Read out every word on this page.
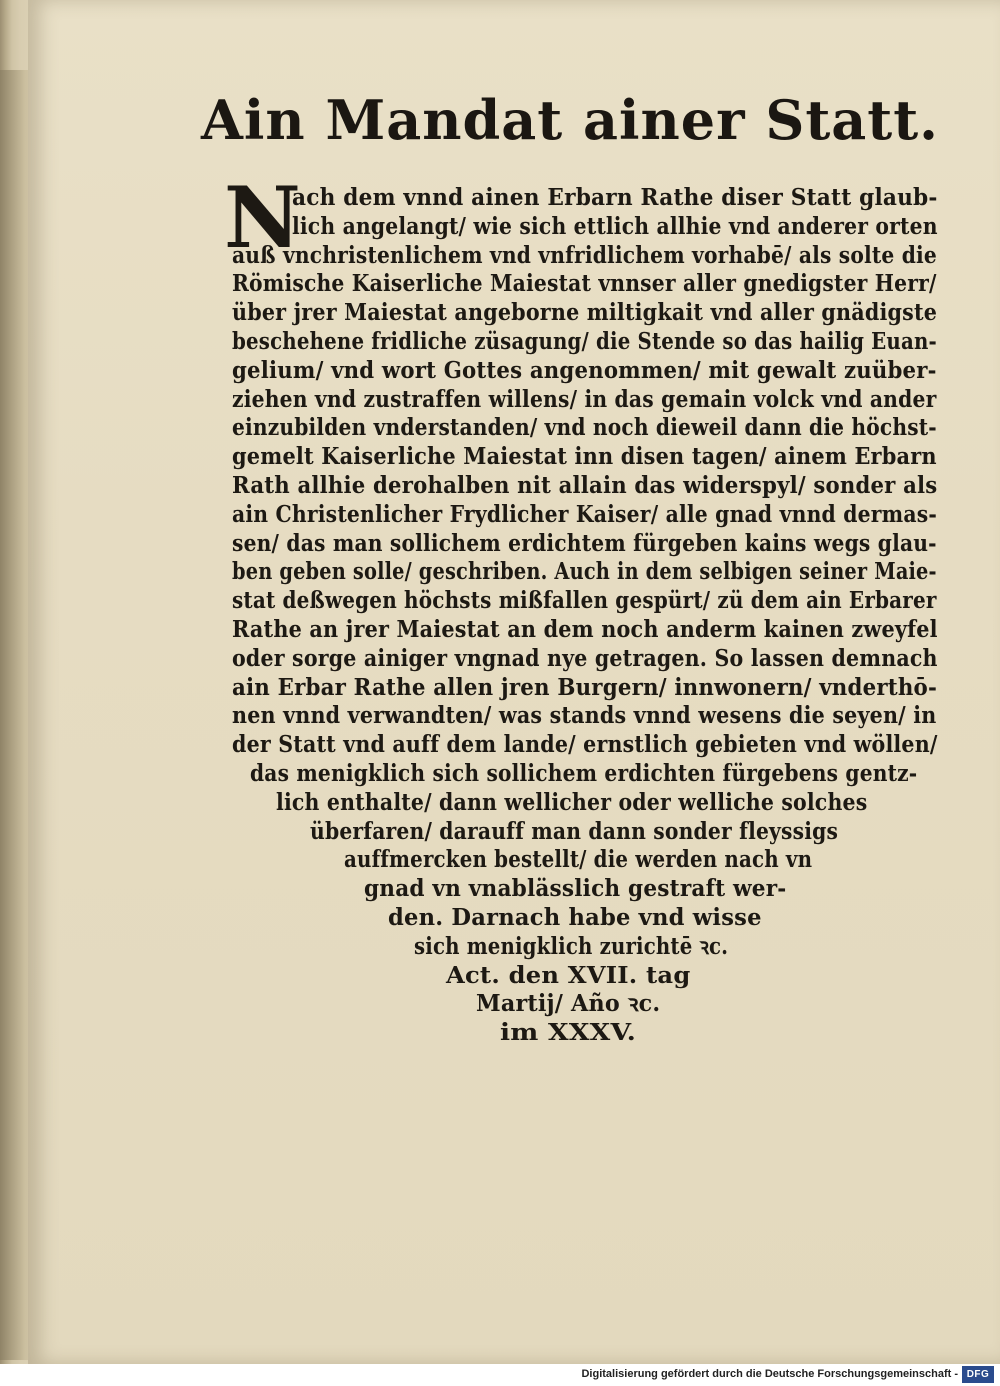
Ain Mandat ainer Statt.
N
ach dem vnnd ainen Erbarn Rathe diser Statt glaub-
lich angelangt/ wie sich ettlich allhie vnd anderer orten
auß vnchristenlichem vnd vnfridlichem vorhabē/ als solte die
Römische Kaiserliche Maiestat vnnser aller gnedigster Herr/
über jrer Maiestat angeborne miltigkait vnd aller gnädigste
beschehene fridliche züsagung/ die Stende so das hailig Euan-
gelium/ vnd wort Gottes angenommen/ mit gewalt zuüber-
ziehen vnd zustraffen willens/ in das gemain volck vnd ander
einzubilden vnderstanden/ vnd noch dieweil dann die höchst-
gemelt Kaiserliche Maiestat inn disen tagen/ ainem Erbarn
Rath allhie derohalben nit allain das widerspyl/ sonder als
ain Christenlicher Frydlicher Kaiser/ alle gnad vnnd dermas-
sen/ das man sollichem erdichtem fürgeben kains wegs glau-
ben geben solle/ geschriben. Auch in dem selbigen seiner Maie-
stat deßwegen höchsts mißfallen gespürt/ zü dem ain Erbarer
Rathe an jrer Maiestat an dem noch anderm kainen zweyfel
oder sorge ainiger vngnad nye getragen. So lassen demnach
ain Erbar Rathe allen jren Burgern/ innwonern/ vnderthō-
nen vnnd verwandten/ was stands vnnd wesens die seyen/ in
der Statt vnd auff dem lande/ ernstlich gebieten vnd wöllen/
das menigklich sich sollichem erdichten fürgebens gentz-
lich enthalte/ dann wellicher oder welliche solches
überfaren/ darauff man dann sonder fleyssigs
auffmercken bestellt/ die werden nach vn
gnad vn vnablässlich gestraft wer-
den. Darnach habe vnd wisse
sich menigklich zurichtē ꝛc.
Act. den XVII. tag
Martij/ Año ꝛc.
im XXXV.
Digitalisierung gefördert durch die Deutsche Forschungsgemeinschaft - DFG
